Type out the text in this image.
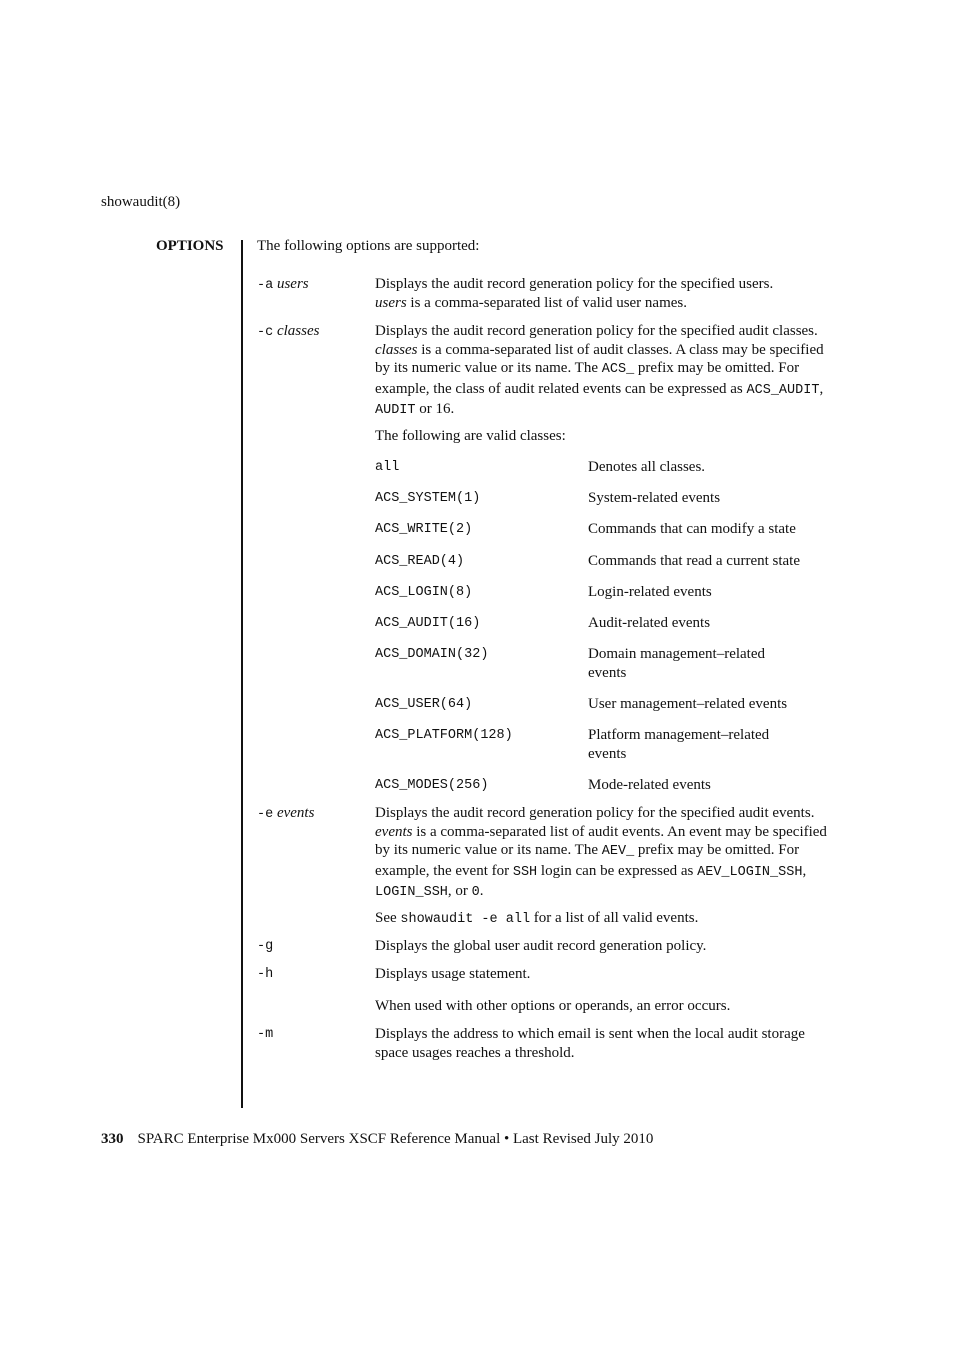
showaudit(8)
OPTIONS The following options are supported:
-a users	Displays the audit record generation policy for the specified users.
users is a comma-separated list of valid user names.
-c classes	Displays the audit record generation policy for the specified audit classes. classes is a comma-separated list of audit classes. A class may be specified by its numeric value or its name. The ACS_ prefix may be omitted. For example, the class of audit related events can be expressed as ACS_AUDIT, AUDIT or 16.
The following are valid classes:
all	Denotes all classes.
ACS_SYSTEM(1)	System-related events
ACS_WRITE(2)	Commands that can modify a state
ACS_READ(4)	Commands that read a current state
ACS_LOGIN(8)	Login-related events
ACS_AUDIT(16)	Audit-related events
ACS_DOMAIN(32)	Domain management–related events
ACS_USER(64)	User management–related events
ACS_PLATFORM(128)	Platform management–related events
ACS_MODES(256)	Mode-related events
-e events	Displays the audit record generation policy for the specified audit events. events is a comma-separated list of audit events. An event may be specified by its numeric value or its name. The AEV_ prefix may be omitted. For example, the event for SSH login can be expressed as AEV_LOGIN_SSH, LOGIN_SSH, or 0.
See showaudit -e all for a list of all valid events.
-g	Displays the global user audit record generation policy.
-h	Displays usage statement.
When used with other options or operands, an error occurs.
-m	Displays the address to which email is sent when the local audit storage space usages reaches a threshold.
330 SPARC Enterprise Mx000 Servers XSCF Reference Manual • Last Revised July 2010
